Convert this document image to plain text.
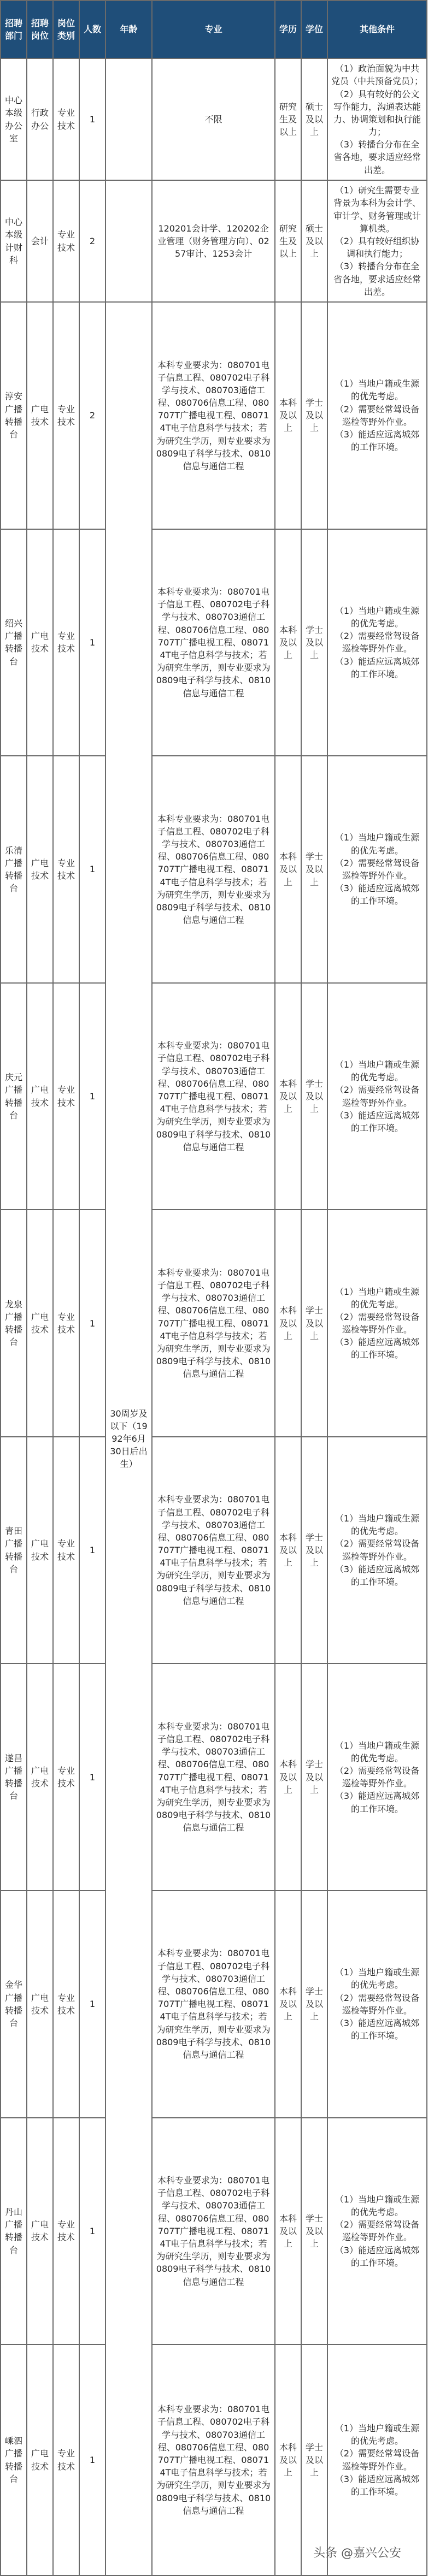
招聘部门	招聘岗位	岗位类别	人数	年龄	专业	学历	学位	其他条件
中心本级办公室	行政办公	专业技术	1		不限	研究生及以上	硕士及以上	（1）政治面貌为中共党员（中共预备党员）；
（2）具有较好的公文写作能力，沟通表达能力、协调策划和执行能力；
（3）转播台分布在全省各地，要求适应经常出差。

中心本级计财科	会计	专业技术	2		120201会计学、120202企业管理（财务管理方向）、0257审计、1253会计	研究生及以上	硕士及以上	（1）研究生需要专业背景为本科为会计学、审计学、财务管理或计算机类。
（2）具有较好组织协调和执行能力；
（3）转播台分布在全省各地，要求适应经常出差。

淳安广播转播台	广电技术	专业技术	2	30周岁及以下（1992年6月30日后出生）	本科专业要求为：080701电子信息工程、080702电子科学与技术、080703通信工程、080706信息工程、080707T广播电视工程、080714T电子信息科学与技术；若为研究生学历，则专业要求为0809电子科学与技术、0810信息与通信工程	本科及以上	学士及以上	（1）当地户籍或生源的优先考虑。
（2）需要经常驾设备巡检等野外作业。
（3）能适应远离城郊的工作环境。

绍兴广播转播台	广电技术	专业技术	1		本科专业要求为：080701电子信息工程、080702电子科学与技术、080703通信工程、080706信息工程、080707T广播电视工程、080714T电子信息科学与技术；若为研究生学历，则专业要求为0809电子科学与技术、0810信息与通信工程	本科及以上	学士及以上	（1）当地户籍或生源的优先考虑。
（2）需要经常驾设备巡检等野外作业。
（3）能适应远离城郊的工作环境。

乐清广播转播台	广电技术	专业技术	1		本科专业要求为：080701电子信息工程、080702电子科学与技术、080703通信工程、080706信息工程、080707T广播电视工程、080714T电子信息科学与技术；若为研究生学历，则专业要求为0809电子科学与技术、0810信息与通信工程	本科及以上	学士及以上	（1）当地户籍或生源的优先考虑。
（2）需要经常驾设备巡检等野外作业。
（3）能适应远离城郊的工作环境。

庆元广播转播台	广电技术	专业技术	1		本科专业要求为：080701电子信息工程、080702电子科学与技术、080703通信工程、080706信息工程、080707T广播电视工程、080714T电子信息科学与技术；若为研究生学历，则专业要求为0809电子科学与技术、0810信息与通信工程	本科及以上	学士及以上	（1）当地户籍或生源的优先考虑。
（2）需要经常驾设备巡检等野外作业。
（3）能适应远离城郊的工作环境。

龙泉广播转播台	广电技术	专业技术	1		本科专业要求为：080701电子信息工程、080702电子科学与技术、080703通信工程、080706信息工程、080707T广播电视工程、080714T电子信息科学与技术；若为研究生学历，则专业要求为0809电子科学与技术、0810信息与通信工程	本科及以上	学士及以上	（1）当地户籍或生源的优先考虑。
（2）需要经常驾设备巡检等野外作业。
（3）能适应远离城郊的工作环境。

青田广播转播台	广电技术	专业技术	1		本科专业要求为：080701电子信息工程、080702电子科学与技术、080703通信工程、080706信息工程、080707T广播电视工程、080714T电子信息科学与技术；若为研究生学历，则专业要求为0809电子科学与技术、0810信息与通信工程	本科及以上	学士及以上	（1）当地户籍或生源的优先考虑。
（2）需要经常驾设备巡检等野外作业。
（3）能适应远离城郊的工作环境。

遂昌广播转播台	广电技术	专业技术	1		本科专业要求为：080701电子信息工程、080702电子科学与技术、080703通信工程、080706信息工程、080707T广播电视工程、080714T电子信息科学与技术；若为研究生学历，则专业要求为0809电子科学与技术、0810信息与通信工程	本科及以上	学士及以上	（1）当地户籍或生源的优先考虑。
（2）需要经常驾设备巡检等野外作业。
（3）能适应远离城郊的工作环境。

金华广播转播台	广电技术	专业技术	1		本科专业要求为：080701电子信息工程、080702电子科学与技术、080703通信工程、080706信息工程、080707T广播电视工程、080714T电子信息科学与技术；若为研究生学历，则专业要求为0809电子科学与技术、0810信息与通信工程	本科及以上	学士及以上	（1）当地户籍或生源的优先考虑。
（2）需要经常驾设备巡检等野外作业。
（3）能适应远离城郊的工作环境。

丹山广播转播台	广电技术	专业技术	1		本科专业要求为：080701电子信息工程、080702电子科学与技术、080703通信工程、080706信息工程、080707T广播电视工程、080714T电子信息科学与技术；若为研究生学历，则专业要求为0809电子科学与技术、0810信息与通信工程	本科及以上	学士及以上	（1）当地户籍或生源的优先考虑。
（2）需要经常驾设备巡检等野外作业。
（3）能适应远离城郊的工作环境。

嵊泗广播转播台	广电技术	专业技术	1		本科专业要求为：080701电子信息工程、080702电子科学与技术、080703通信工程、080706信息工程、080707T广播电视工程、080714T电子信息科学与技术；若为研究生学历，则专业要求为0809电子科学与技术、0810信息与通信工程	本科及以上	学士及以上	（1）当地户籍或生源的优先考虑。
（2）需要经常驾设备巡检等野外作业。
（3）能适应远离城郊的工作环境。
头条 @嘉兴公安
